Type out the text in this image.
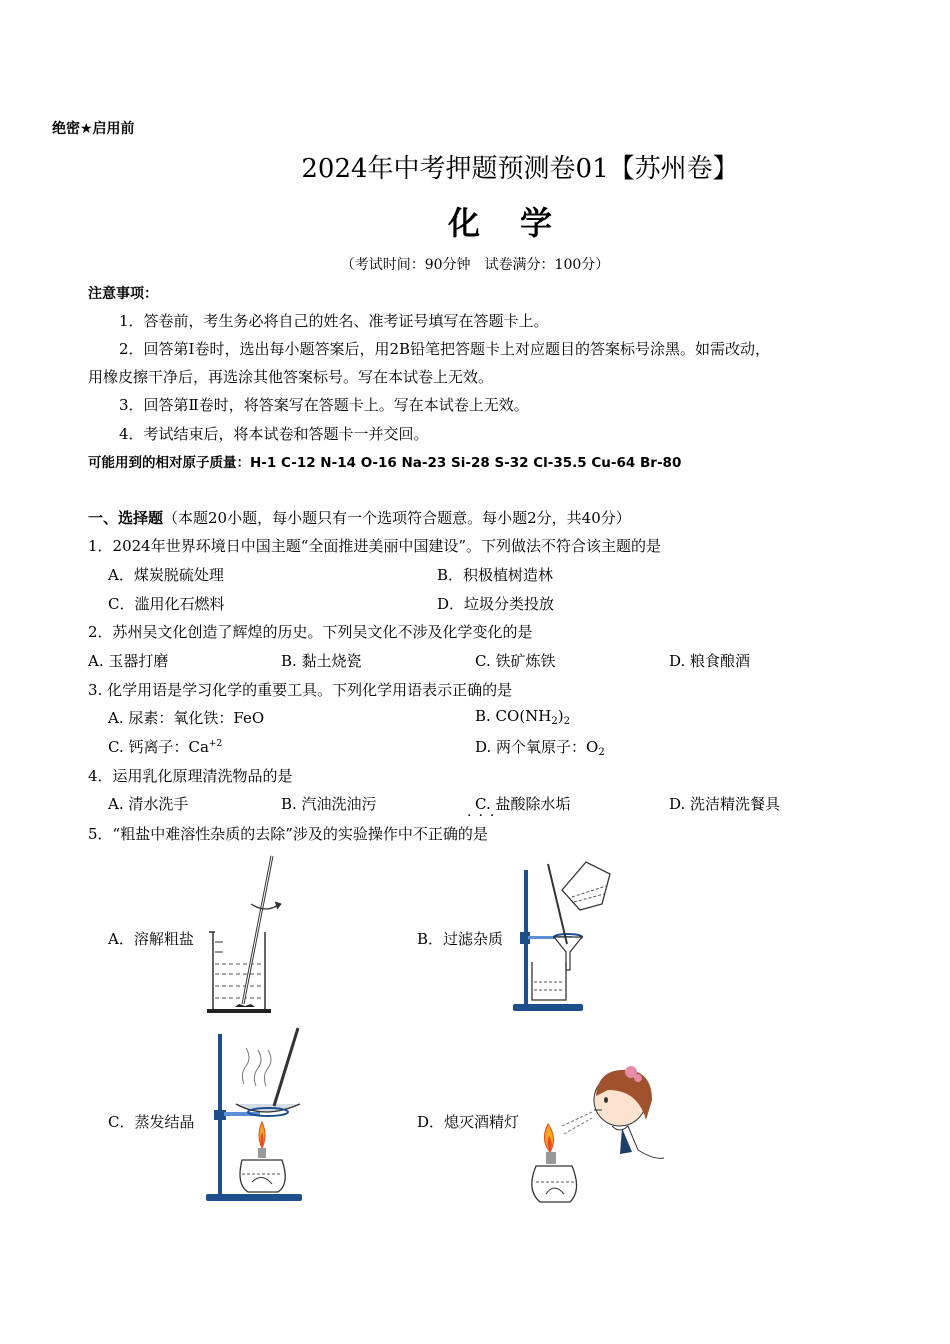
绝密★启用前
2024年中考押题预测卷01【苏州卷】
化学
（考试时间：90分钟　试卷满分：100分）
注意事项：
1．答卷前，考生务必将自己的姓名、准考证号填写在答题卡上。
2．回答第Ⅰ卷时，选出每小题答案后，用2B铅笔把答题卡上对应题目的答案标号涂黑。如需改动，
用橡皮擦干净后，再选涂其他答案标号。写在本试卷上无效。
3．回答第Ⅱ卷时，将答案写在答题卡上。写在本试卷上无效。
4．考试结束后，将本试卷和答题卡一并交回。
可能用到的相对原子质量：H-1 C-12 N-14 O-16 Na-23 Si-28 S-32 Cl-35.5 Cu-64 Br-80
一、选择题（本题20小题，每小题只有一个选项符合题意。每小题2分，共40分）
1．2024年世界环境日中国主题“全面推进美丽中国建设”。下列做法不符合该主题的是
A．煤炭脱硫处理	B．积极植树造林
C．滥用化石燃料	D．垃圾分类投放
2．苏州吴文化创造了辉煌的历史。下列吴文化不涉及化学变化的是
A. 玉器打磨	B. 黏土烧瓷	C. 铁矿炼铁	D. 粮食酿酒
3. 化学用语是学习化学的重要工具。下列化学用语表示正确的是
A. 尿素：氧化铁：FeO	B. $CO(NH_2)_2$
C. 钙离子：$Ca^{+2}$	D. 两个氧原子：$O_2$
4．运用乳化原理清洗物品的是
A. 清水洗手	B. 汽油洗油污	C. 盐酸除水垢	D. 洗洁精洗餐具
···
5．“粗盐中难溶性杂质的去除”涉及的实验操作中不正确的是
A．溶解粗盐	B．过滤杂质
C．蒸发结晶	D．熄灭酒精灯
